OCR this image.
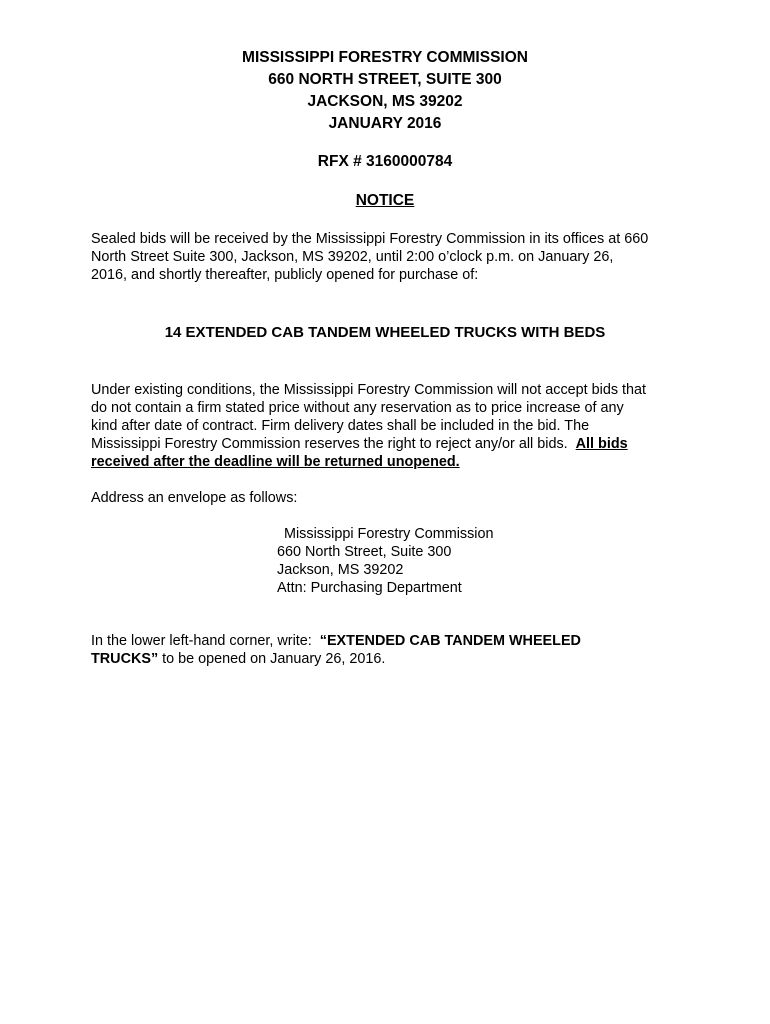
MISSISSIPPI FORESTRY COMMISSION
660 NORTH STREET, SUITE 300
JACKSON, MS 39202
JANUARY 2016
RFX # 3160000784
NOTICE
Sealed bids will be received by the Mississippi Forestry Commission in its offices at 660
North Street Suite 300, Jackson, MS 39202, until 2:00 o’clock p.m. on January 26,
2016, and shortly thereafter, publicly opened for purchase of:
14 EXTENDED CAB TANDEM WHEELED TRUCKS WITH BEDS
Under existing conditions, the Mississippi Forestry Commission will not accept bids that
do not contain a firm stated price without any reservation as to price increase of any
kind after date of contract. Firm delivery dates shall be included in the bid. The
Mississippi Forestry Commission reserves the right to reject any/or all bids.  All bids
received after the deadline will be returned unopened.
Address an envelope as follows:
Mississippi Forestry Commission
660 North Street, Suite 300
Jackson, MS 39202
Attn: Purchasing Department
In the lower left-hand corner, write:  “EXTENDED CAB TANDEM WHEELED
TRUCKS” to be opened on January 26, 2016.
